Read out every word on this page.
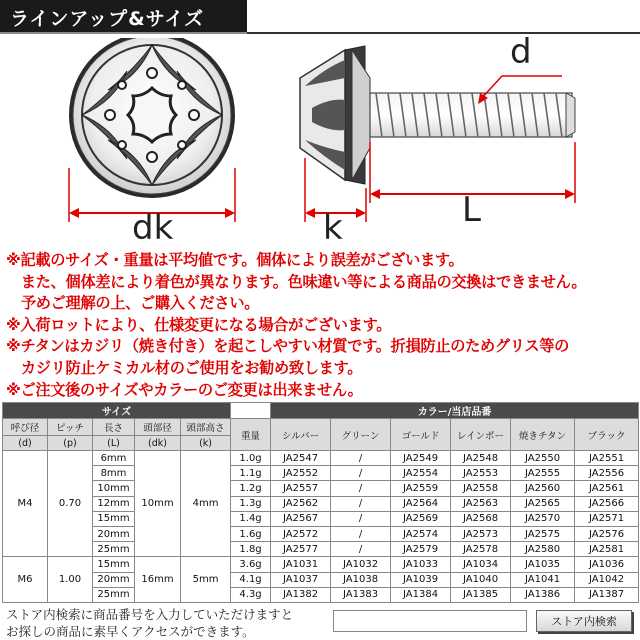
ラインアップ&サイズ
dk	k
d
L
※記載のサイズ・重量は平均値です。個体により誤差がございます。
　また、個体差により着色が異なります。色味違い等による商品の交換はできません。
　予めご理解の上、ご購入ください。
※入荷ロットにより、仕様変更になる場合がございます。
※チタンはカジリ（焼き付き）を起こしやすい材質です。折損防止のためグリス等の
　カジリ防止ケミカル材のご使用をお勧め致します。
※ご注文後のサイズやカラーのご変更は出来ません。
サイズ						カラー/当店品番					
呼び径	ピッチ	長さ	頭部径	頭部高さ	重量	シルバー	グリーン	ゴールド	レインボー	焼きチタン	ブラック
(d)	(p)	(L)	(dk)	(k)							
M4	0.70	6mm	10mm	4mm	1.0g	JA2547	/	JA2549	JA2548	JA2550	JA2551
		8mm			1.1g	JA2552	/	JA2554	JA2553	JA2555	JA2556
		10mm			1.2g	JA2557	/	JA2559	JA2558	JA2560	JA2561
		12mm			1.3g	JA2562	/	JA2564	JA2563	JA2565	JA2566
		15mm			1.4g	JA2567	/	JA2569	JA2568	JA2570	JA2571
		20mm			1.6g	JA2572	/	JA2574	JA2573	JA2575	JA2576
		25mm			1.8g	JA2577	/	JA2579	JA2578	JA2580	JA2581
M6	1.00	15mm	16mm	5mm	3.6g	JA1031	JA1032	JA1033	JA1034	JA1035	JA1036
		20mm			4.1g	JA1037	JA1038	JA1039	JA1040	JA1041	JA1042
		25mm			4.3g	JA1382	JA1383	JA1384	JA1385	JA1386	JA1387
ストア内検索に商品番号を入力していただけますと
お探しの商品に素早くアクセスができます。
ストア内検索
